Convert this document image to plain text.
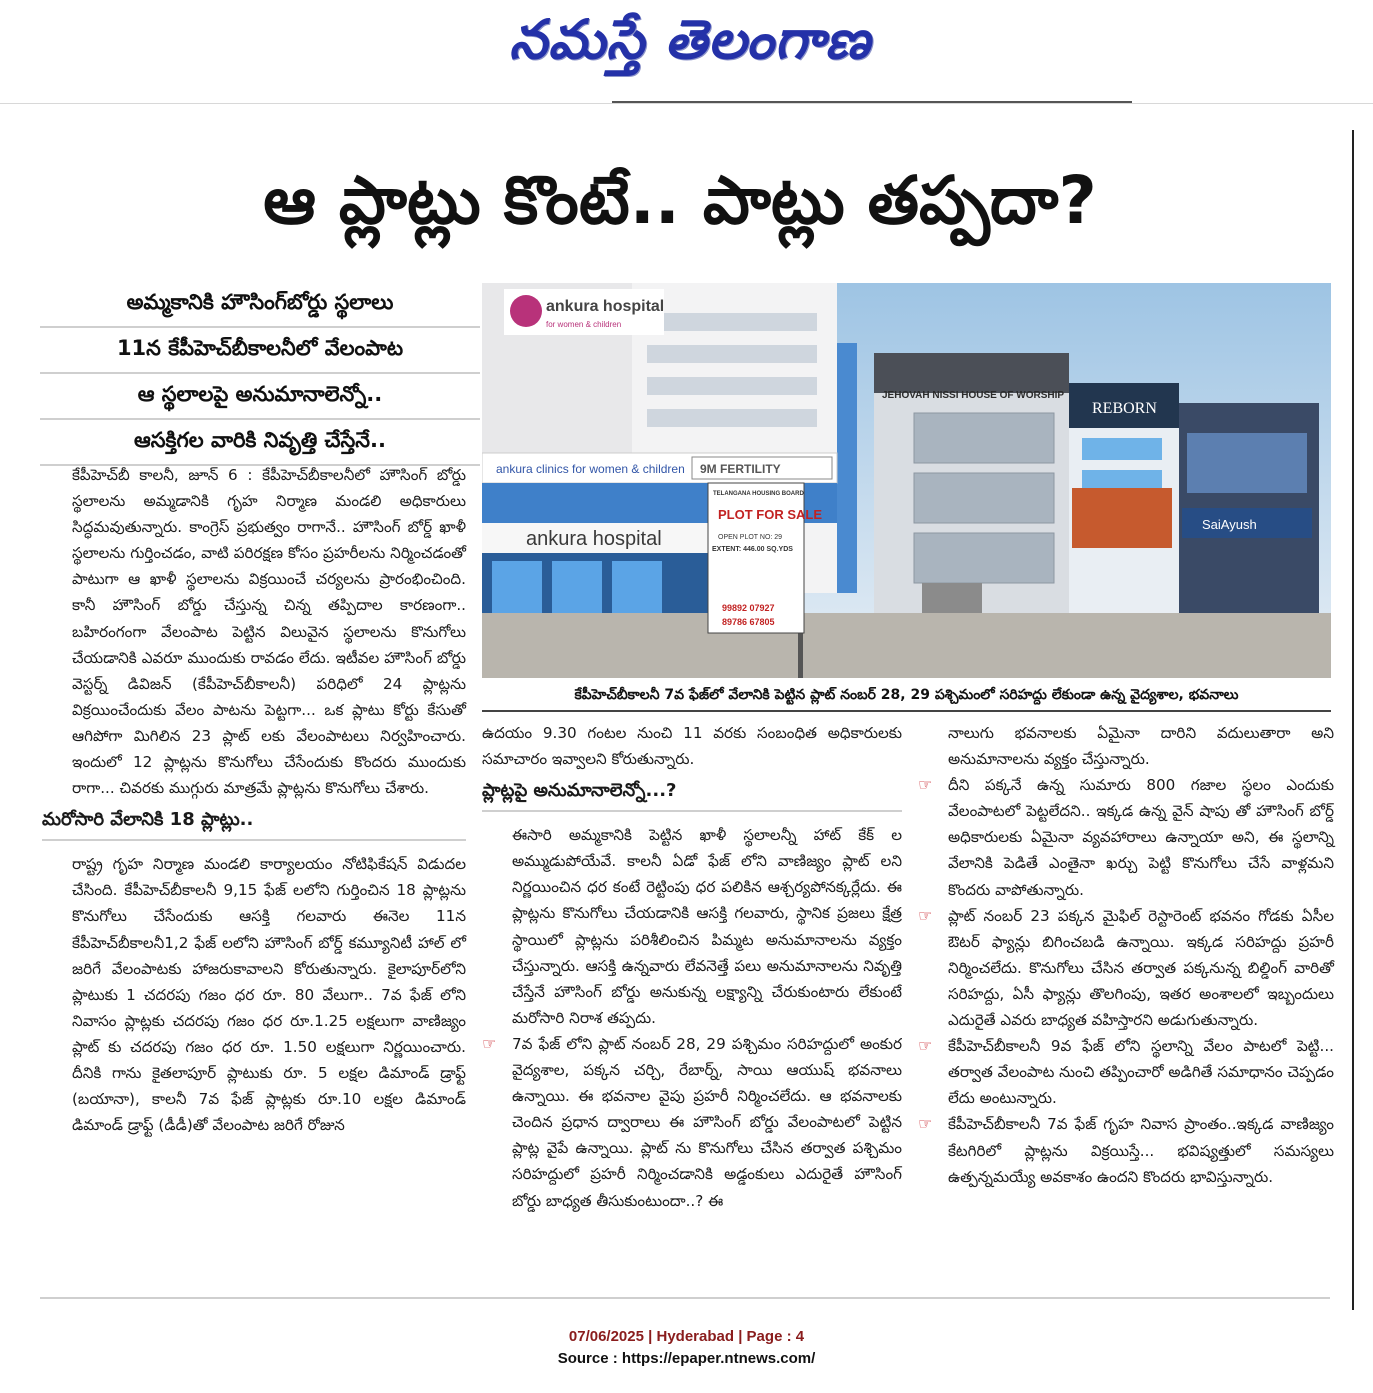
నమస్తే తెలంగాణ
ఆ ప్లాట్లు కొంటే.. పాట్లు తప్పదా?
అమ్మకానికి హౌసింగ్‌బోర్డు స్థలాలు
11న కేపీహెచ్‌బీకాలనీలో వేలంపాట
ఆ స్థలాలపై అనుమానాలెన్నో..
ఆసక్తిగల వారికి నివృత్తి చేస్తేనే..
ankura clinics for women & children 9M FERTILITY
ankura hospital
ankura hospital
for women & children
JEHOVAH NISSI HOUSE OF WORSHIP
REBORN
SaiAyush
TELANGANA HOUSING BOARD
PLOT FOR SALE
OPEN PLOT NO: 29
EXTENT: 446.00 SQ.YDS
99892 07927
89786 67805
కేపీహెచ్‌బీకాలనీ 7వ ఫేజ్‌లో వేలానికి పెట్టిన ప్లాట్ నంబర్ 28, 29 పశ్చిమంలో సరిహద్దు లేకుండా ఉన్న వైద్యశాల, భవనాలు

కేపీహెచ్‌బీ కాలనీ, జూన్ 6 : కేపీహెచ్‌బీకాలనీలో హౌసింగ్ బోర్డు స్థలాలను అమ్మడానికి గృహ నిర్మాణ మండలి అధికారులు సిద్ధమవుతున్నారు. కాంగ్రెస్ ప్రభుత్వం రాగానే.. హౌసింగ్ బోర్డ్ ఖాళీ స్థలాలను గుర్తించడం, వాటి పరిరక్షణ కోసం ప్రహరీలను నిర్మించడంతో పాటుగా ఆ ఖాళీ స్థలాలను విక్రయించే చర్యలను ప్రారంభించింది. కానీ హౌసింగ్ బోర్డు చేస్తున్న చిన్న తప్పిదాల కారణంగా.. బహిరంగంగా వేలంపాట పెట్టిన విలువైన స్థలాలను కొనుగోలు చేయడానికి ఎవరూ ముందుకు రావడం లేదు. ఇటీవల హౌసింగ్ బోర్డు వెస్టర్న్ డివిజన్ (కేపీహెచ్‌బీకాలనీ) పరిధిలో 24 ప్లాట్లను విక్రయించేందుకు వేలం పాటను పెట్టగా... ఒక ప్లాటు కోర్టు కేసుతో ఆగిపోగా మిగిలిన 23 ప్లాట్ లకు వేలంపాటలు నిర్వహించారు. ఇందులో 12 ప్లాట్లను కొనుగోలు చేసేందుకు కొందరు ముందుకు రాగా... చివరకు ముగ్గురు మాత్రమే ప్లాట్లను కొనుగోలు చేశారు.

మరోసారి వేలానికి 18 ప్లాట్లు..

రాష్ట్ర గృహ నిర్మాణ మండలి కార్యాలయం నోటిఫికేషన్ విడుదల చేసింది. కేపీహెచ్‌బీకాలనీ 9,15 ఫేజ్ లలోని గుర్తించిన 18 ప్లాట్లను కొనుగోలు చేసేందుకు ఆసక్తి గలవారు ఈనెల 11న కేపీహెచ్‌బీకాలనీ1,2 ఫేజ్ లలోని హౌసింగ్ బోర్డ్ కమ్యూనిటీ హాల్ లో జరిగే వేలంపాటకు హాజరుకావాలని కోరుతున్నారు. కైలాపూర్‌లోని ప్లాటుకు 1 చదరపు గజం ధర రూ. 80 వేలుగా.. 7వ ఫేజ్ లోని నివాసం ప్లాట్లకు చదరపు గజం ధర రూ.1.25 లక్షలుగా వాణిజ్యం ప్లాట్ కు చదరపు గజం ధర రూ. 1.50 లక్షలుగా నిర్ణయించారు. దీనికి గాను కైతలాపూర్ ప్లాటుకు రూ. 5 లక్షల డిమాండ్ డ్రాఫ్ట్ (బయానా), కాలనీ 7వ ఫేజ్ ప్లాట్లకు రూ.10 లక్షల డిమాండ్ డిమాండ్ డ్రాఫ్ట్ (డీడీ)తో వేలంపాట జరిగే రోజున

ఉదయం 9.30 గంటల నుంచి 11 వరకు సంబంధిత అధికారులకు సమాచారం ఇవ్వాలని కోరుతున్నారు.

ప్లాట్లపై అనుమానాలెన్నో...?

ఈసారి అమ్మకానికి పెట్టిన ఖాళీ స్థలాలన్నీ హాట్ కేక్ ల అమ్ముడుపోయేవే. కాలనీ ఏడో ఫేజ్ లోని వాణిజ్యం ప్లాట్ లని నిర్ణయించిన ధర కంటే రెట్టింపు ధర పలికిన ఆశ్చర్యపోనక్కర్లేదు. ఈ ప్లాట్లను కొనుగోలు చేయడానికి ఆసక్తి గలవారు, స్థానిక ప్రజలు క్షేత్ర స్థాయిలో ప్లాట్లను పరిశీలించిన పిమ్మట అనుమానాలను వ్యక్తం చేస్తున్నారు. ఆసక్తి ఉన్నవారు లేవనెత్తే పలు అనుమానాలను నివృత్తి చేస్తేనే హౌసింగ్ బోర్డు అనుకున్న లక్ష్యాన్ని చేరుకుంటారు లేకుంటే మరోసారి నిరాశ తప్పదు.

☞ 7వ ఫేజ్ లోని ప్లాట్ నంబర్ 28, 29 పశ్చిమం సరిహద్దులో అంకుర వైద్యశాల, పక్కన చర్చి, రేబార్న్, సాయి ఆయుష్ భవనాలు ఉన్నాయి. ఈ భవనాల వైపు ప్రహరీ నిర్మించలేదు. ఆ భవనాలకు చెందిన ప్రధాన ద్వారాలు ఈ హౌసింగ్ బోర్డు వేలంపాటలో పెట్టిన ప్లాట్ల వైపే ఉన్నాయి. ప్లాట్ ను కొనుగోలు చేసిన తర్వాత పశ్చిమం సరిహద్దులో ప్రహరీ నిర్మించడానికి అడ్డంకులు ఎదురైతే హౌసింగ్ బోర్డు బాధ్యత తీసుకుంటుందా..? ఈ

నాలుగు భవనాలకు ఏమైనా దారిని వదులుతారా అని అనుమానాలను వ్యక్తం చేస్తున్నారు.

☞ దీని పక్కనే ఉన్న సుమారు 800 గజాల స్థలం ఎందుకు వేలంపాటలో పెట్టలేదని.. ఇక్కడ ఉన్న వైన్ షాపు తో హౌసింగ్ బోర్డ్ అధికారులకు ఏమైనా వ్యవహారాలు ఉన్నాయా అని, ఈ స్థలాన్ని వేలానికి పెడితే ఎంతైనా ఖర్చు పెట్టి కొనుగోలు చేసే వాళ్లమని కొందరు వాపోతున్నారు.

☞ ప్లాట్ నంబర్ 23 పక్కన మైఫిల్ రెస్టారెంట్ భవనం గోడకు ఏసీల ఔటర్ ఫ్యాన్లు బిగించబడి ఉన్నాయి. ఇక్కడ సరిహద్దు ప్రహరీ నిర్మించలేదు. కొనుగోలు చేసిన తర్వాత పక్కనున్న బిల్డింగ్ వారితో సరిహద్దు, ఏసీ ఫ్యాన్లు తొలగింపు, ఇతర అంశాలలో ఇబ్బందులు ఎదురైతే ఎవరు బాధ్యత వహిస్తారని అడుగుతున్నారు.

☞ కేపీహెచ్‌బీకాలనీ 9వ ఫేజ్ లోని స్థలాన్ని వేలం పాటలో పెట్టి... తర్వాత వేలంపాట నుంచి తప్పించారో అడిగితే సమాధానం చెప్పడం లేదు అంటున్నారు.

☞ కేపీహెచ్‌బీకాలనీ 7వ ఫేజ్ గృహ నివాస ప్రాంతం..ఇక్కడ వాణిజ్యం కేటగిరిలో ప్లాట్లను విక్రయిస్తే... భవిష్యత్తులో సమస్యలు ఉత్పన్నమయ్యే అవకాశం ఉందని కొందరు భావిస్తున్నారు.

07/06/2025 | Hyderabad | Page : 4
Source : https://epaper.ntnews.com/
